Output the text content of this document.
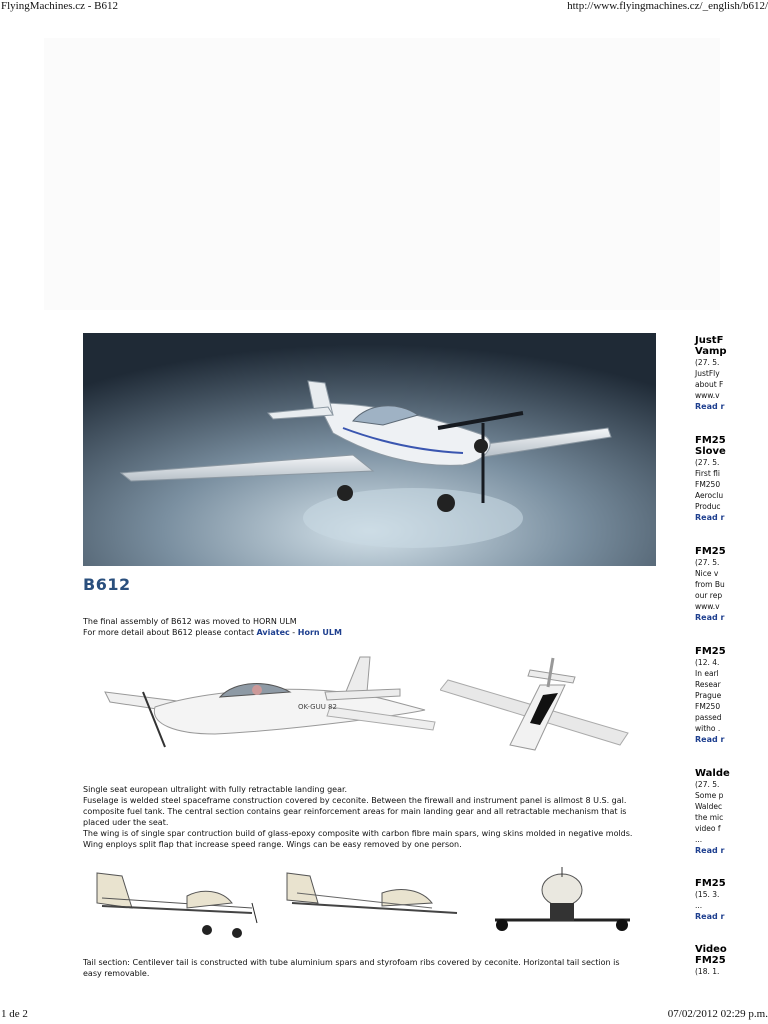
FlyingMachines.cz - B612	http://www.flyingmachines.cz/_english/b612/
B612
The final assembly of B612 was moved to HORN ULM
For more detail about B612 please contact Aviatec - Horn ULM
OK-GUU 82
Single seat european ultralight with fully retractable landing gear.
Fuselage is welded steel spaceframe construction covered by ceconite. Between the firewall and instrument panel is allmost 8 U.S. gal.
composite fuel tank. The central section contains gear reinforcement areas for main landing gear and all retractable mechanism that is
placed uder the seat.
The wing is of single spar contruction build of glass-epoxy composite with carbon fibre main spars, wing skins molded in negative molds.
Wing enploys split flap that increase speed range. Wings can be easy removed by one person.
Tail section: Centilever tail is constructed with tube aluminium spars and styrofoam ribs covered by ceconite. Horizontal tail section is
easy removable.
JustF
Vamp
(27. 5.
JustFly
about F
www.v
Read r
FM25
Slove
(27. 5.
First fli
FM250
Aeroclu
Produc
Read r
FM25
(27. 5.
Nice v
from Bu
our rep
www.v
Read r
FM25
(12. 4.
In earl
Resear
Prague
FM250
passed
witho .
Read r
Walde
(27. 5.
Some p
Waldec
the mic
video f
...
Read r
FM25
(15. 3.
...
Read r
Video
FM25
(18. 1.
1 de 2	07/02/2012 02:29 p.m.
